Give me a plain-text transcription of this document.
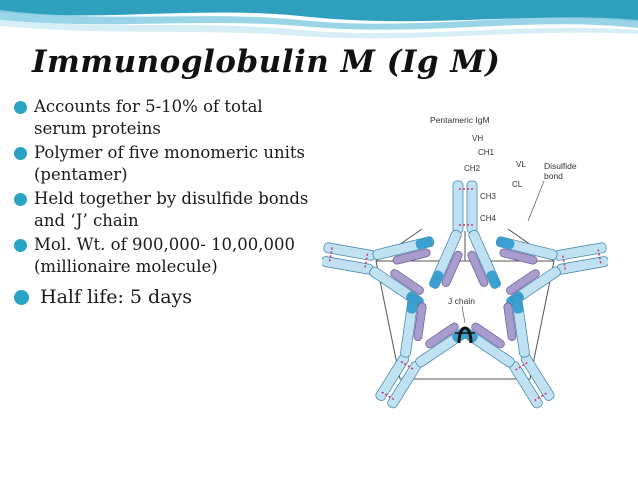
Immunoglobulin M (Ig M)
Accounts for 5-10% of total serum proteins
Polymer of five monomeric units (pentamer)
Held together by disulfide bonds and ‘J’ chain
Mol. Wt. of 900,000- 10,00,000 (millionaire molecule)
Half life: 5 days
Pentameric IgM
VH
CH1
CH2	VL
CL
CH3
CH4
Disulfide
bond
J chain
